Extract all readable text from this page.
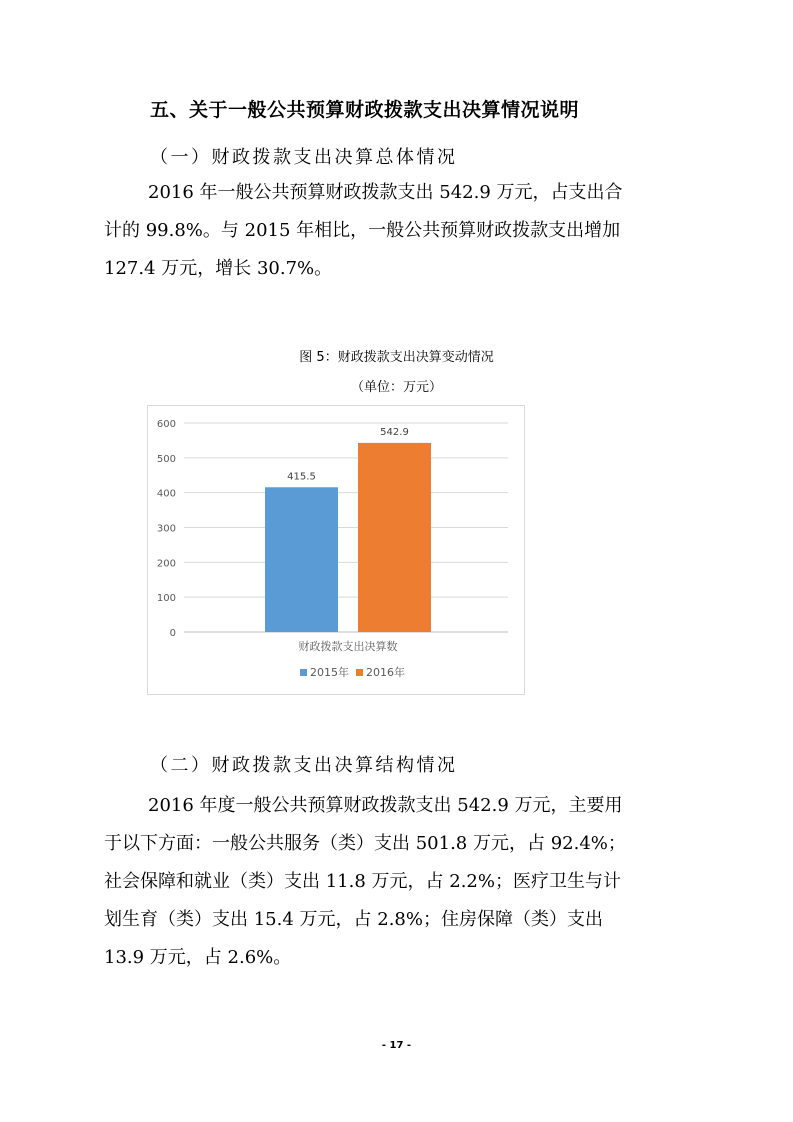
五、关于一般公共预算财政拨款支出决算情况说明
（一）财政拨款支出决算总体情况
2016 年一般公共预算财政拨款支出 542.9 万元，占支出合
计的 99.8%。与 2015 年相比，一般公共预算财政拨款支出增加
127.4 万元，增长 30.7%。
图 5：财政拨款支出决算变动情况
（单位：万元）
0
100
200
300
400
500
600
415.5
542.9
财政拨款支出决算数
2015年 2016年
（二）财政拨款支出决算结构情况
2016 年度一般公共预算财政拨款支出 542.9 万元，主要用
于以下方面：一般公共服务（类）支出 501.8 万元，占 92.4%；
社会保障和就业（类）支出 11.8 万元，占 2.2%；医疗卫生与计
划生育（类）支出 15.4 万元，占 2.8%；住房保障（类）支出
13.9 万元，占 2.6%。
- 17 -
